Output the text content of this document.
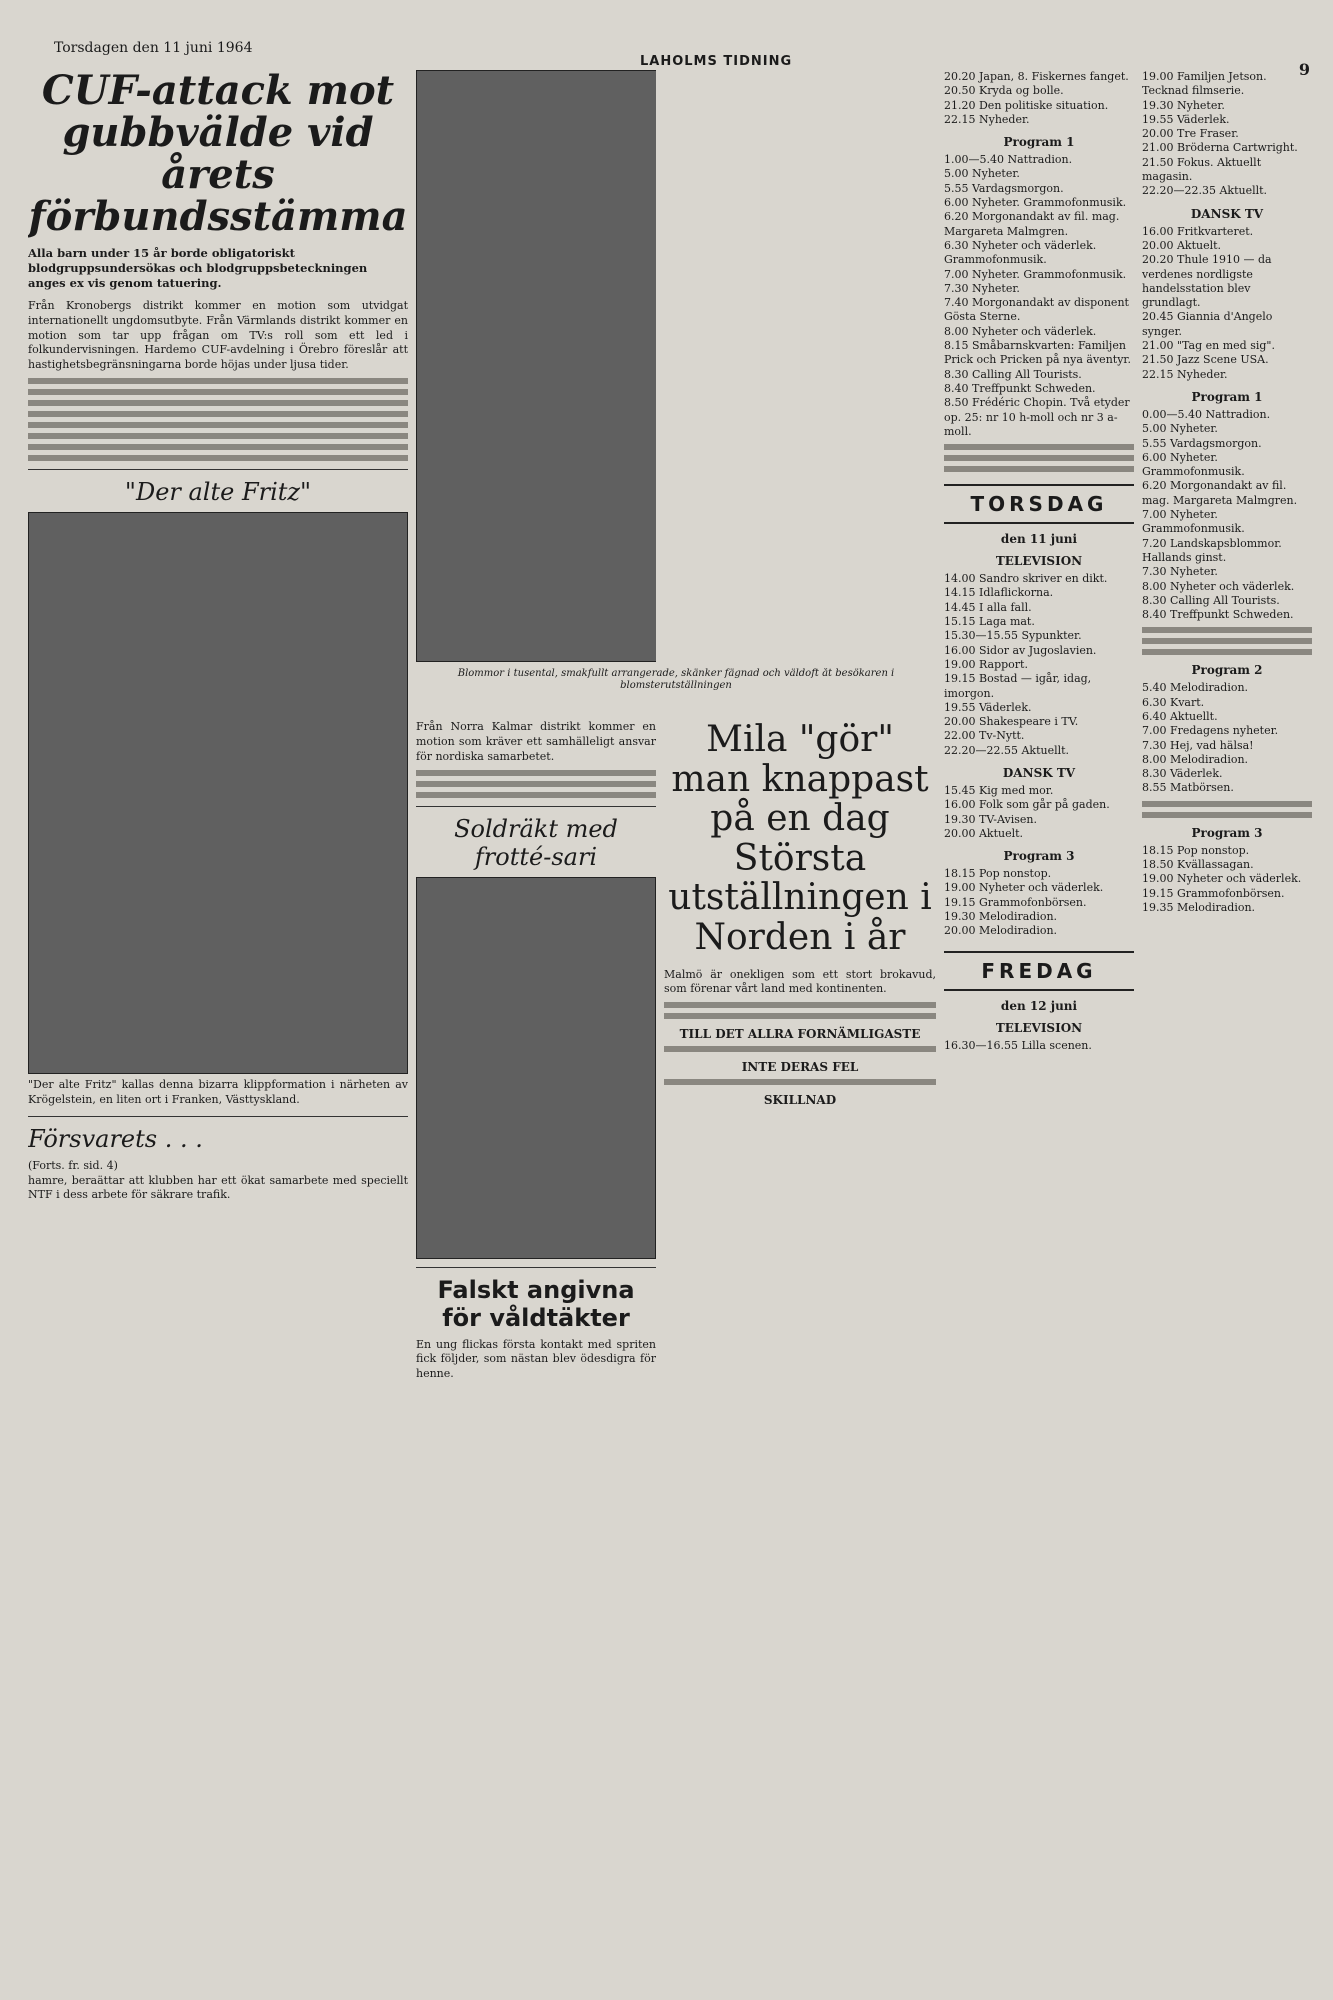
Torsdagen den 11 juni 1964
LAHOLMS TIDNING	9
CUF-attack mot gubbvälde vid årets förbundsstämma
Alla barn under 15 år borde obligatoriskt blodgruppsundersökas och blodgruppsbeteckningen anges ex vis genom tatuering.
Från Kronobergs distrikt kommer en motion som utvidgat internationellt ungdomsutbyte. Från Värmlands distrikt kommer en motion som tar upp frågan om TV:s roll som ett led i folkundervisningen. Hardemo CUF-avdelning i Örebro föreslår att hastighetsbegränsningarna borde höjas under ljusa tider.
"Der alte Fritz"
"Der alte Fritz" kallas denna bizarra klippformation i närheten av Krögelstein, en liten ort i Franken, Västtyskland.
Försvarets . . .
(Forts. fr. sid. 4)
hamre, beraättar att klubben har ett ökat samarbete med speciellt NTF i dess arbete för säkrare trafik.
Blommor i tusental, smakfullt arrangerade, skänker fägnad och väldoft åt besökaren i blomsterutställningen
Från Norra Kalmar distrikt kommer en motion som kräver ett samhälleligt ansvar för nordiska samarbetet.
Soldräkt med frotté-sari
Falskt angivna för våldtäkter
En ung flickas första kontakt med spriten fick följder, som nästan blev ödesdigra för henne.
Mila "gör" man knappast på en dag Största utställningen i Norden i år
Malmö är onekligen som ett stort brokavud, som förenar vårt land med kontinenten.
TILL DET ALLRA FORNÄMLIGASTE
INTE DERAS FEL
SKILLNAD
20.20 Japan, 8. Fiskernes fanget.
20.50 Kryda og bolle.
21.20 Den politiske situation.
22.15 Nyheder.
Program 1
1.00—5.40 Nattradion.
5.00 Nyheter.
5.55 Vardagsmorgon.
6.00 Nyheter. Grammofonmusik.
6.20 Morgonandakt av fil. mag. Margareta Malmgren.
6.30 Nyheter och väderlek. Grammofonmusik.
7.00 Nyheter. Grammofonmusik.
7.30 Nyheter.
7.40 Morgonandakt av disponent Gösta Sterne.
8.00 Nyheter och väderlek.
8.15 Småbarnskvarten: Familjen Prick och Pricken på nya äventyr.
8.30 Calling All Tourists.
8.40 Treffpunkt Schweden.
8.50 Frédéric Chopin. Två etyder op. 25: nr 10 h-moll och nr 3 a-moll.
TORSDAG
den 11 juni
TELEVISION
14.00 Sandro skriver en dikt.
14.15 Idlaflickorna.
14.45 I alla fall.
15.15 Laga mat.
15.30—15.55 Sypunkter.
16.00 Sidor av Jugoslavien.
19.00 Rapport.
19.15 Bostad — igår, idag, imorgon.
19.55 Väderlek.
20.00 Shakespeare i TV.
22.00 Tv-Nytt.
22.20—22.55 Aktuellt.
DANSK TV
15.45 Kig med mor.
16.00 Folk som går på gaden.
19.30 TV-Avisen.
20.00 Aktuelt.
Program 3
18.15 Pop nonstop.
19.00 Nyheter och väderlek.
19.15 Grammofonbörsen.
19.30 Melodiradion.
20.00 Melodiradion.
FREDAG
den 12 juni
TELEVISION
16.30—16.55 Lilla scenen.
19.00 Familjen Jetson. Tecknad filmserie.
19.30 Nyheter.
19.55 Väderlek.
20.00 Tre Fraser.
21.00 Bröderna Cartwright.
21.50 Fokus. Aktuellt magasin.
22.20—22.35 Aktuellt.
DANSK TV
16.00 Fritkvarteret.
20.00 Aktuelt.
20.20 Thule 1910 — da verdenes nordligste handelsstation blev grundlagt.
20.45 Giannia d'Angelo synger.
21.00 "Tag en med sig".
21.50 Jazz Scene USA.
22.15 Nyheder.
Program 1
0.00—5.40 Nattradion.
5.00 Nyheter.
5.55 Vardagsmorgon.
6.00 Nyheter. Grammofonmusik.
6.20 Morgonandakt av fil. mag. Margareta Malmgren.
7.00 Nyheter. Grammofonmusik.
7.20 Landskapsblommor. Hallands ginst.
7.30 Nyheter.
8.00 Nyheter och väderlek.
8.30 Calling All Tourists.
8.40 Treffpunkt Schweden.
Program 2
5.40 Melodiradion.
6.30 Kvart.
6.40 Aktuellt.
7.00 Fredagens nyheter.
7.30 Hej, vad hälsa!
8.00 Melodiradion.
8.30 Väderlek.
8.55 Matbörsen.
Program 3
18.15 Pop nonstop.
18.50 Kvällassagan.
19.00 Nyheter och väderlek.
19.15 Grammofonbörsen.
19.35 Melodiradion.
